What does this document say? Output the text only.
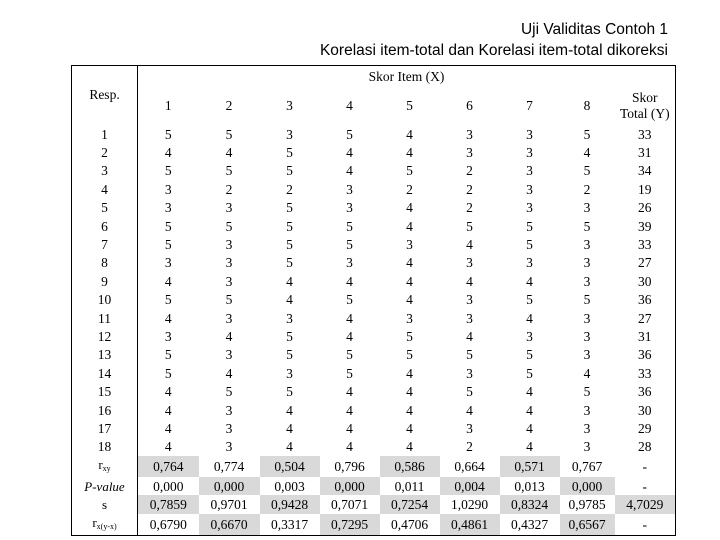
Uji Validitas Contoh 1
Korelasi item-total dan Korelasi item-total dikoreksi
Resp.	Skor Item (X)								
	1	2	3	4	5	6	7	8	Skor
Total (Y)

1	5	5	3	5	4	3	3	5	33
2	4	4	5	4	4	3	3	4	31
3	5	5	5	4	5	2	3	5	34
4	3	2	2	3	2	2	3	2	19
5	3	3	5	3	4	2	3	3	26
6	5	5	5	5	4	5	5	5	39
7	5	3	5	5	3	4	5	3	33
8	3	3	5	3	4	3	3	3	27
9	4	3	4	4	4	4	4	3	30
10	5	5	4	5	4	3	5	5	36
11	4	3	3	4	3	3	4	3	27
12	3	4	5	4	5	4	3	3	31
13	5	3	5	5	5	5	5	3	36
14	5	4	3	5	4	3	5	4	33
15	4	5	5	4	4	5	4	5	36
16	4	3	4	4	4	4	4	3	30
17	4	3	4	4	4	3	4	3	29
18	4	3	4	4	4	2	4	3	28
$r_{xy}$	0,764	0,774	0,504	0,796	0,586	0,664	0,571	0,767	-
P-value	0,000	0,000	0,003	0,000	0,011	0,004	0,013	0,000	-
s	0,7859	0,9701	0,9428	0,7071	0,7254	1,0290	0,8324	0,9785	4,7029
$r_{x(y-x)}$	0,6790	0,6670	0,3317	0,7295	0,4706	0,4861	0,4327	0,6567	-
